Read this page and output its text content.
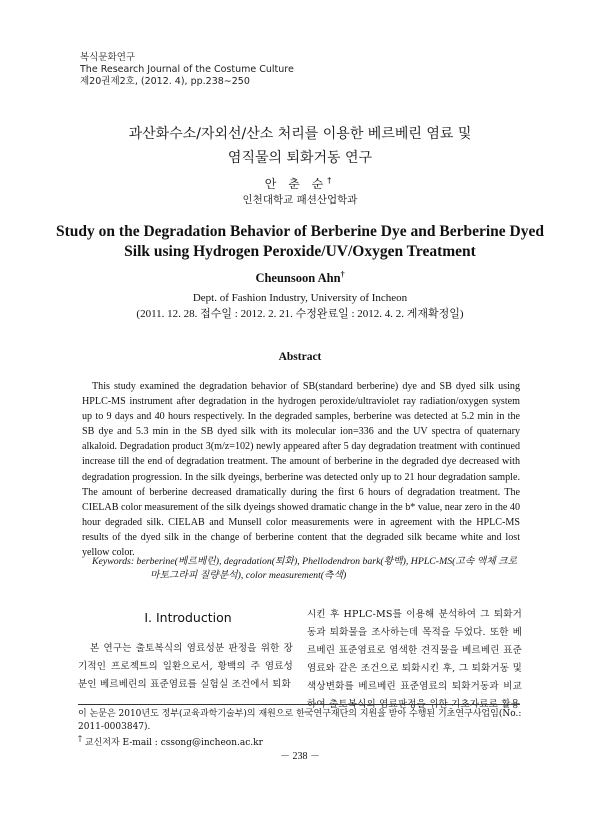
복식문화연구
The Research Journal of the Costume Culture
제20권제2호, (2012. 4), pp.238∼250
과산화수소/자외선/산소 처리를 이용한 베르베린 염료 및
염직물의 퇴화거동 연구
안 춘 순†
인천대학교 패션산업학과
Study on the Degradation Behavior of Berberine Dye and Berberine Dyed
Silk using Hydrogen Peroxide/UV/Oxygen Treatment
Cheunsoon Ahn†
Dept. of Fashion Industry, University of Incheon
(2011. 12. 28. 접수일 : 2012. 2. 21. 수정완료일 : 2012. 4. 2. 게재확정일)
Abstract

This study examined the degradation behavior of SB(standard berberine) dye and SB dyed silk using HPLC-MS instrument after degradation in the hydrogen peroxide/ultraviolet ray radiation/oxygen system up to 9 days and 40 hours respectively. In the degraded samples, berberine was detected at 5.2 min in the SB dye and 5.3 min in the SB dyed silk with its molecular ion=336 and the UV spectra of quaternary alkaloid. Degradation product 3(m/z=102) newly appeared after 5 day degradation treatment with continued increase till the end of degradation treatment. The amount of berberine in the degraded dye decreased with degradation progression. In the silk dyeings, berberine was detected only up to 21 hour degradation sample. The amount of berberine decreased dramatically during the first 6 hours of degradation treatment. The CIELAB color measurement of the silk dyeings showed dramatic change in the b* value, near zero in the 40 hour degraded silk. CIELAB and Munsell color measurements were in agreement with the HPLC-MS results of the dyed silk in the change of berberine content that the degraded silk became white and lost yellow color.

Keywords: berberine(베르베린), degradation(퇴화), Phellodendron bark(황백), HPLC-MS(고속 액체 크로마토그라피 질량분석), color measurement(측색)
Ⅰ. Introduction

본 연구는 출토복식의 염료성분 판정을 위한 장기적인 프로젝트의 일환으로서, 황백의 주 염료성분인 베르베린의 표준염료를 실험실 조건에서 퇴화

시킨 후 HPLC-MS를 이용해 분석하여 그 퇴화거동과 퇴화물을 조사하는데 목적을 두었다. 또한 베르베린 표준염료로 염색한 견직물을 베르베린 표준염료와 같은 조건으로 퇴화시킨 후, 그 퇴화거동 및 색상변화를 베르베린 표준염료의 퇴화거동과 비교하여 출토복식의 염료판정을 위한 기초자료로 활용

이 논문은 2010년도 정부(교육과학기술부)의 재원으로 한국연구재단의 지원을 받아 수행된 기초연구사업임(No.: 2011-0003847).

† 교신저자 E-mail : cssong@incheon.ac.kr

－ 238 －
